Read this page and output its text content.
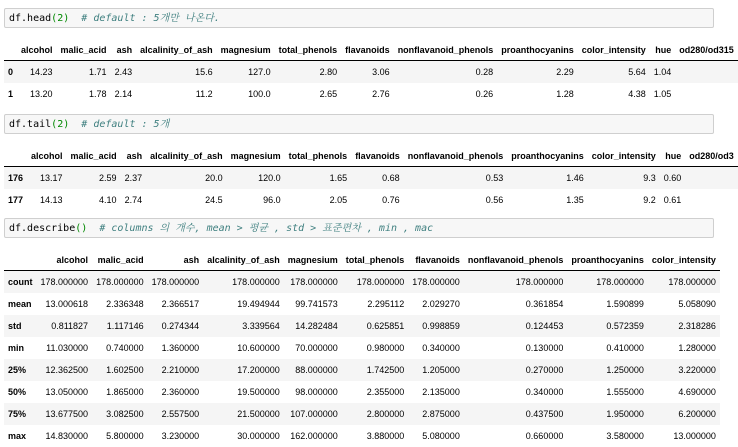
df.head(2) # default : 5개만 나온다.
	alcohol	malic_acid	ash	alcalinity_of_ash	magnesium	total_phenols	flavanoids	nonflavanoid_phenols	proanthocyanins	color_intensity	hue	od280/od315
0	14.23	1.71	2.43	15.6	127.0	2.80	3.06	0.28	2.29	5.64	1.04	
1	13.20	1.78	2.14	11.2	100.0	2.65	2.76	0.26	1.28	4.38	1.05	
df.tail(2) # default : 5개
	alcohol	malic_acid	ash	alcalinity_of_ash	magnesium	total_phenols	flavanoids	nonflavanoid_phenols	proanthocyanins	color_intensity	hue	od280/od3
176	13.17	2.59	2.37	20.0	120.0	1.65	0.68	0.53	1.46	9.3	0.60	
177	14.13	4.10	2.74	24.5	96.0	2.05	0.76	0.56	1.35	9.2	0.61	
df.describe() # columns 의 개수, mean > 평균 , std > 표준편차 , min , mac
	alcohol	malic_acid	ash	alcalinity_of_ash	magnesium	total_phenols	flavanoids	nonflavanoid_phenols	proanthocyanins	color_intensity
count	178.000000	178.000000	178.000000	178.000000	178.000000	178.000000	178.000000	178.000000	178.000000	178.000000
mean	13.000618	2.336348	2.366517	19.494944	99.741573	2.295112	2.029270	0.361854	1.590899	5.058090
std	0.811827	1.117146	0.274344	3.339564	14.282484	0.625851	0.998859	0.124453	0.572359	2.318286
min	11.030000	0.740000	1.360000	10.600000	70.000000	0.980000	0.340000	0.130000	0.410000	1.280000
25%	12.362500	1.602500	2.210000	17.200000	88.000000	1.742500	1.205000	0.270000	1.250000	3.220000
50%	13.050000	1.865000	2.360000	19.500000	98.000000	2.355000	2.135000	0.340000	1.555000	4.690000
75%	13.677500	3.082500	2.557500	21.500000	107.000000	2.800000	2.875000	0.437500	1.950000	6.200000
max	14.830000	5.800000	3.230000	30.000000	162.000000	3.880000	5.080000	0.660000	3.580000	13.000000
